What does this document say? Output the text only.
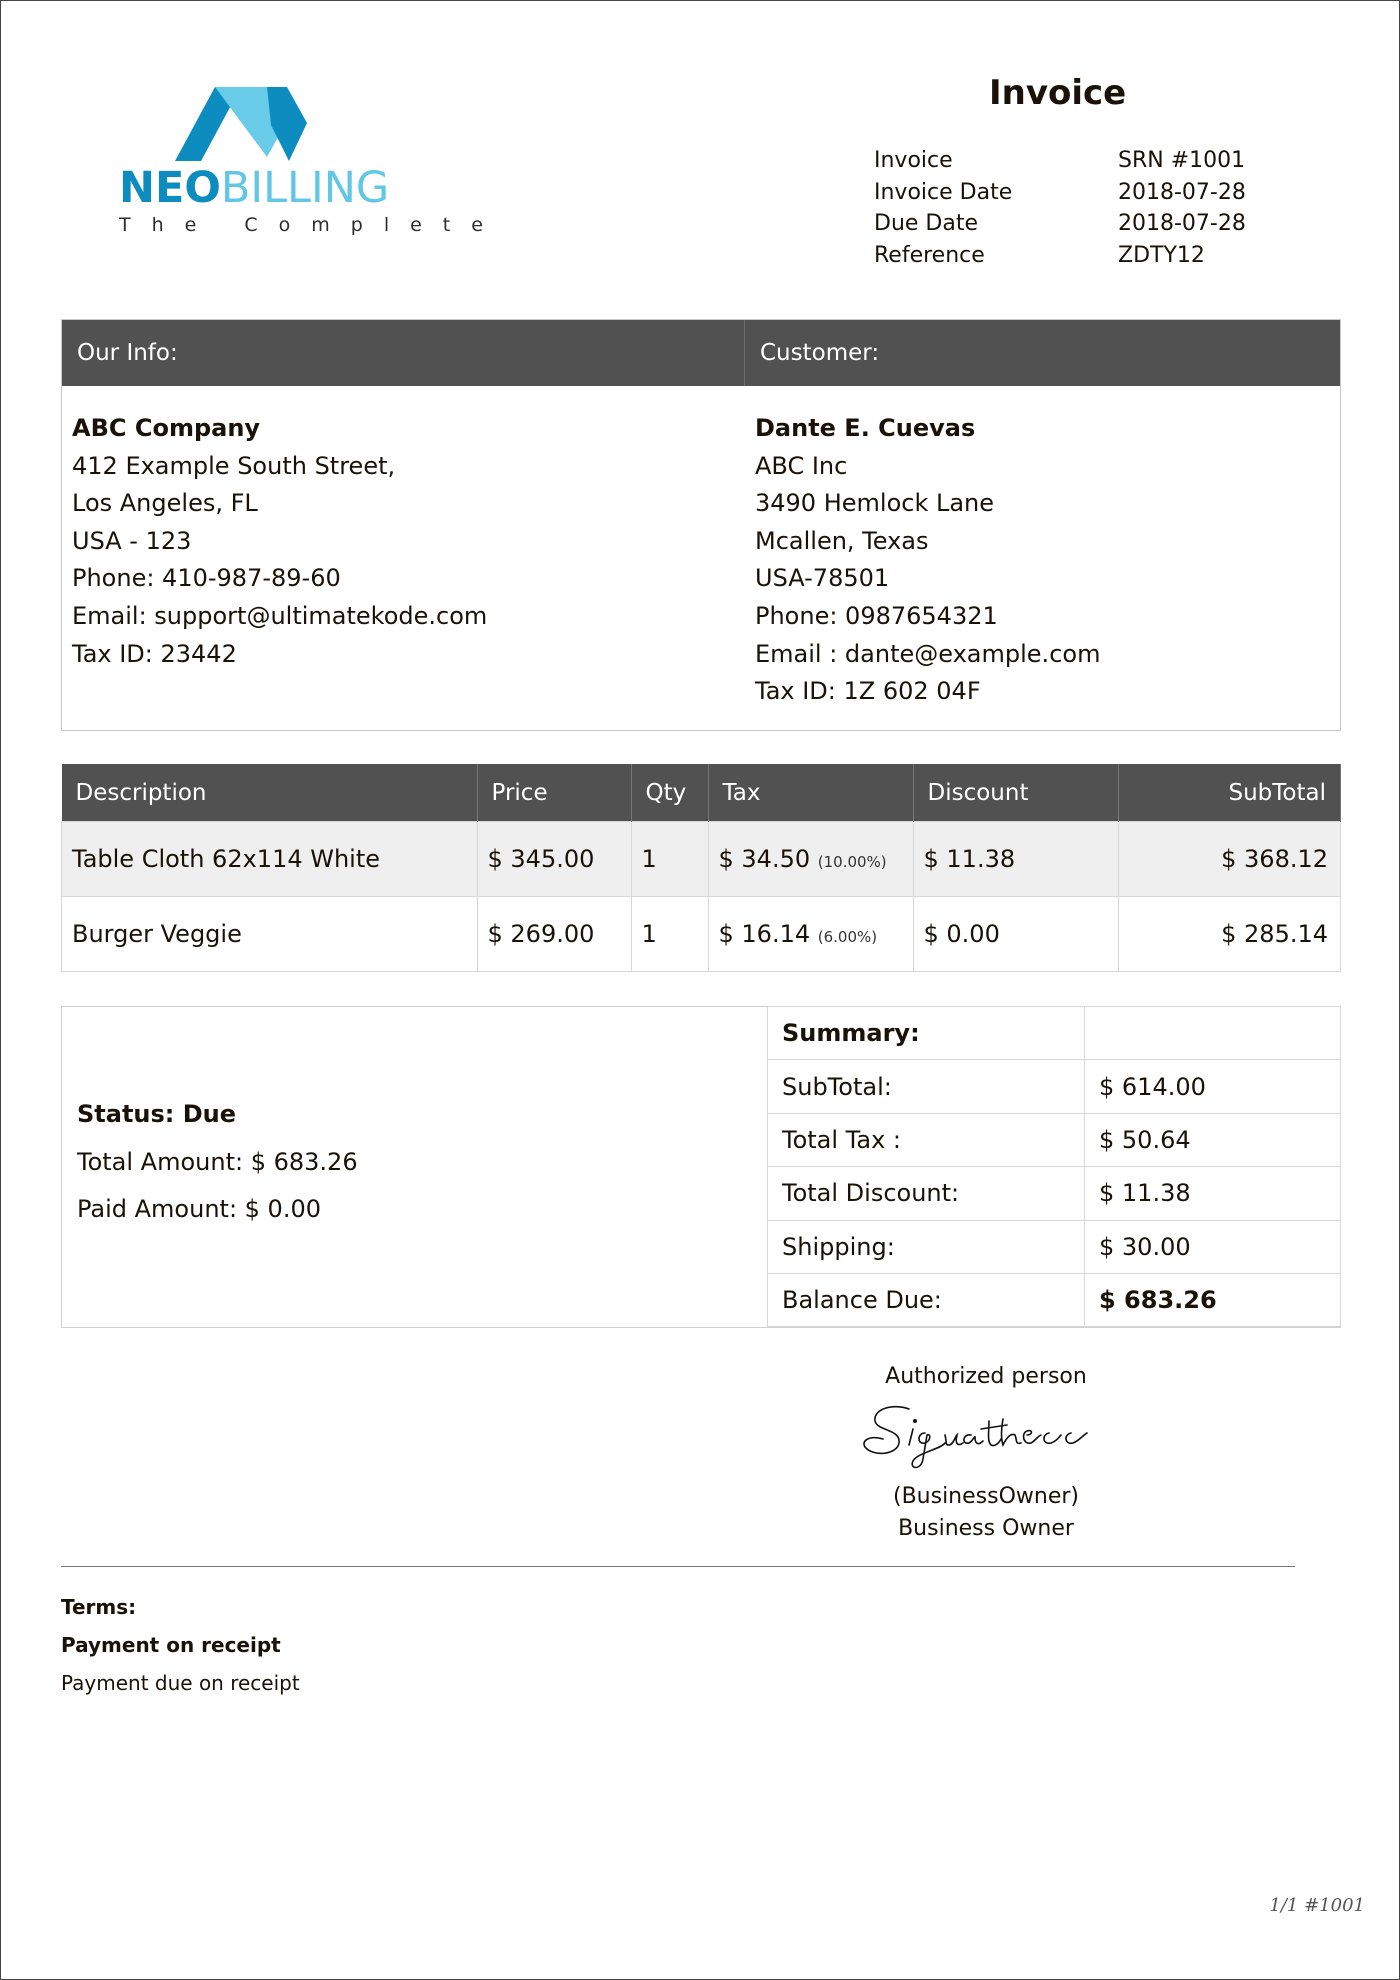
NEOBILLING
The Complete
Invoice
Invoice	SRN #1001
Invoice Date	2018-07-28
Due Date	2018-07-28
Reference	ZDTY12
Our Info:	Customer:
ABC Company
412 Example South Street,
Los Angeles, FL
USA - 123
Phone: 410-987-89-60
Email: support@ultimatekode.com
Tax ID: 23442
Dante E. Cuevas
ABC Inc
3490 Hemlock Lane
Mcallen, Texas
USA-78501
Phone: 0987654321
Email : dante@example.com
Tax ID: 1Z 602 04F
Description	Price	Qty	Tax	Discount	SubTotal
Table Cloth 62x114 White	$ 345.00	1	$ 34.50 (10.00%)	$ 11.38	$ 368.12
Burger Veggie	$ 269.00	1	$ 16.14 (6.00%)	$ 0.00	$ 285.14
Status: Due
Total Amount: $ 683.26
Paid Amount: $ 0.00
Summary:	
SubTotal:	$ 614.00
Total Tax :	$ 50.64
Total Discount:	$ 11.38
Shipping:	$ 30.00
Balance Due:	$ 683.26
Authorized person
(BusinessOwner)
Business Owner
Terms:
Payment on receipt
Payment due on receipt
1/1 #1001
